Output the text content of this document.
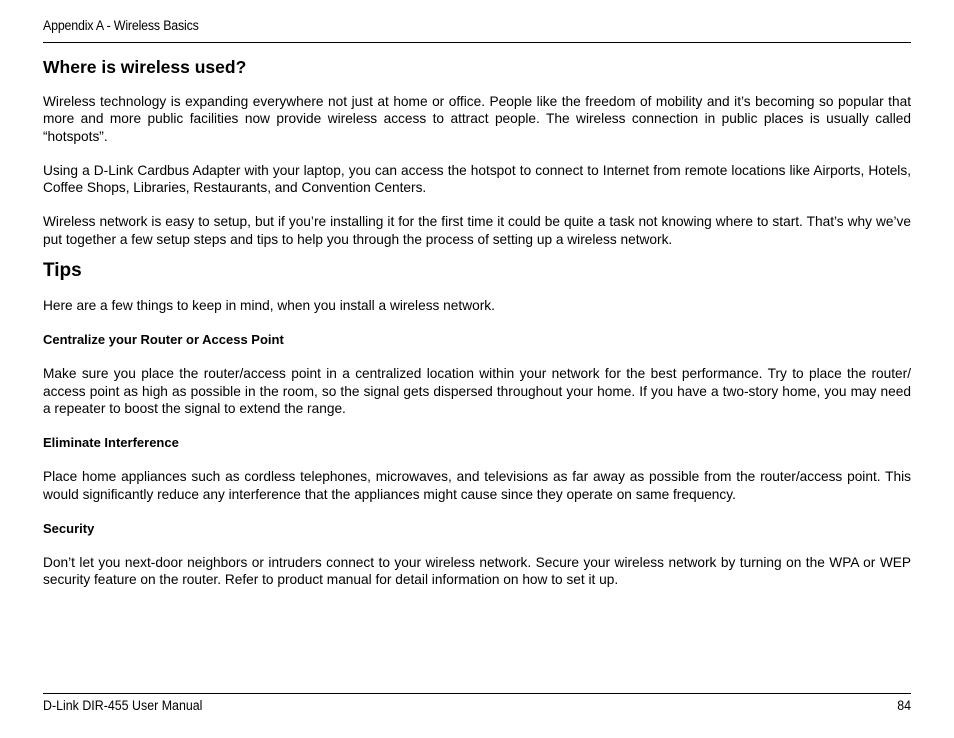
Appendix A - Wireless Basics
Where is wireless used?

Wireless technology is expanding everywhere not just at home or office. People like the freedom of mobility and it’s becoming so popular that more and more public facilities now provide wireless access to attract people. The wireless connection in public places is usually called “hotspots”.

Using a D-Link Cardbus Adapter with your laptop, you can access the hotspot to connect to Internet from remote locations like Airports, Hotels, Coffee Shops, Libraries, Restaurants, and Convention Centers.

Wireless network is easy to setup, but if you’re installing it for the first time it could be quite a task not knowing where to start. That’s why we’ve put together a few setup steps and tips to help you through the process of setting up a wireless network.

Tips

Here are a few things to keep in mind, when you install a wireless network.

Centralize your Router or Access Point

Make sure you place the router/access point in a centralized location within your network for the best performance. Try to place the router/ access point as high as possible in the room, so the signal gets dispersed throughout your home. If you have a two-story home, you may need a repeater to boost the signal to extend the range.

Eliminate Interference

Place home appliances such as cordless telephones, microwaves, and televisions as far away as possible from the router/access point. This would significantly reduce any interference that the appliances might cause since they operate on same frequency.

Security

Don’t let you next-door neighbors or intruders connect to your wireless network. Secure your wireless network by turning on the WPA or WEP security feature on the router. Refer to product manual for detail information on how to set it up.

D-Link DIR-455 User Manual	84
